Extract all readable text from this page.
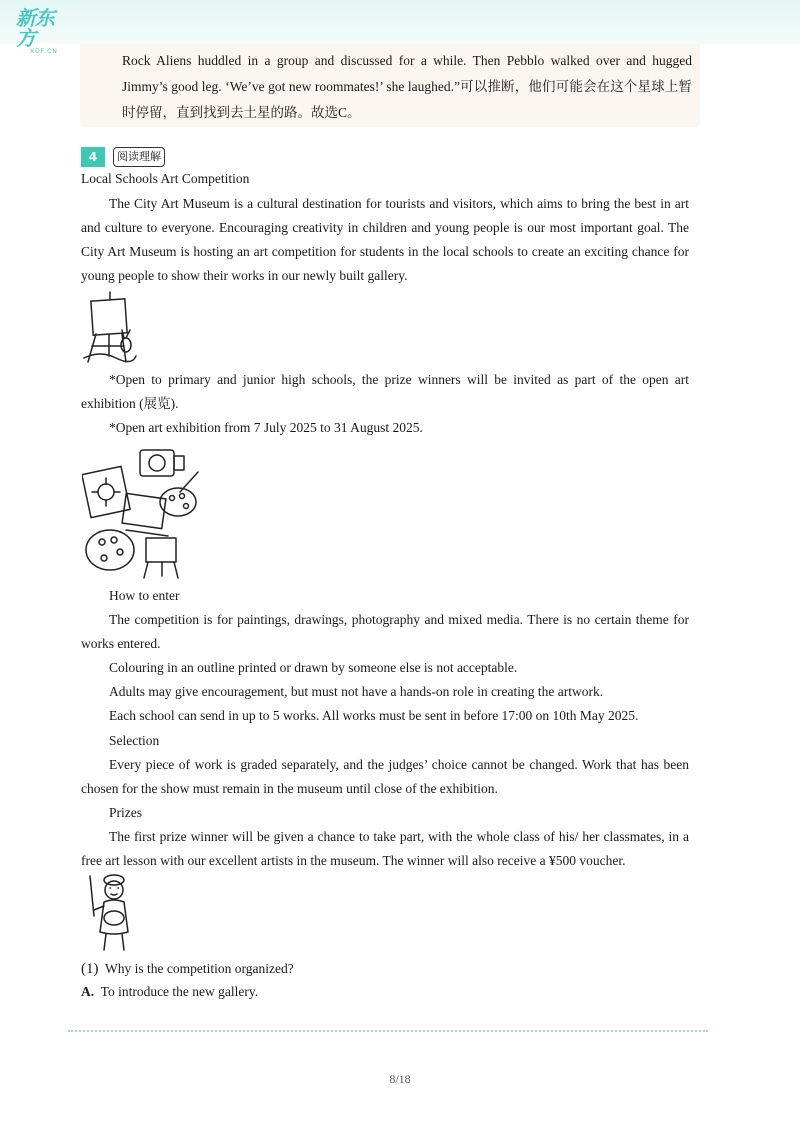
新东方
XDF.CN
Rock Aliens huddled in a group and discussed for a while. Then Pebblo walked over and hugged Jimmy’s good leg. ‘We’ve got new roommates!’ she laughed.”可以推断，他们可能会在这个星球上暂时停留，直到找到去土星的路。故选C。
4	阅读理解
Local Schools Art Competition
The City Art Museum is a cultural destination for tourists and visitors, which aims to bring the best in art and culture to everyone. Encouraging creativity in children and young people is our most important goal. The City Art Museum is hosting an art competition for students in the local schools to create an exciting chance for young people to show their works in our newly built gallery.
*Open to primary and junior high schools, the prize winners will be invited as part of the open art exhibition (展览).
*Open art exhibition from 7 July 2025 to 31 August 2025.
How to enter
The competition is for paintings, drawings, photography and mixed media. There is no certain theme for works entered.
Colouring in an outline printed or drawn by someone else is not acceptable.
Adults may give encouragement, but must not have a hands-on role in creating the artwork.
Each school can send in up to 5 works. All works must be sent in before 17:00 on 10th May 2025.
Selection
Every piece of work is graded separately, and the judges’ choice cannot be changed. Work that has been chosen for the show must remain in the museum until close of the exhibition.
Prizes
The first prize winner will be given a chance to take part, with the whole class of his/ her classmates, in a free art lesson with our excellent artists in the museum. The winner will also receive a ¥500 voucher.
(1) Why is the competition organized?
A. To introduce the new gallery.
8/18
